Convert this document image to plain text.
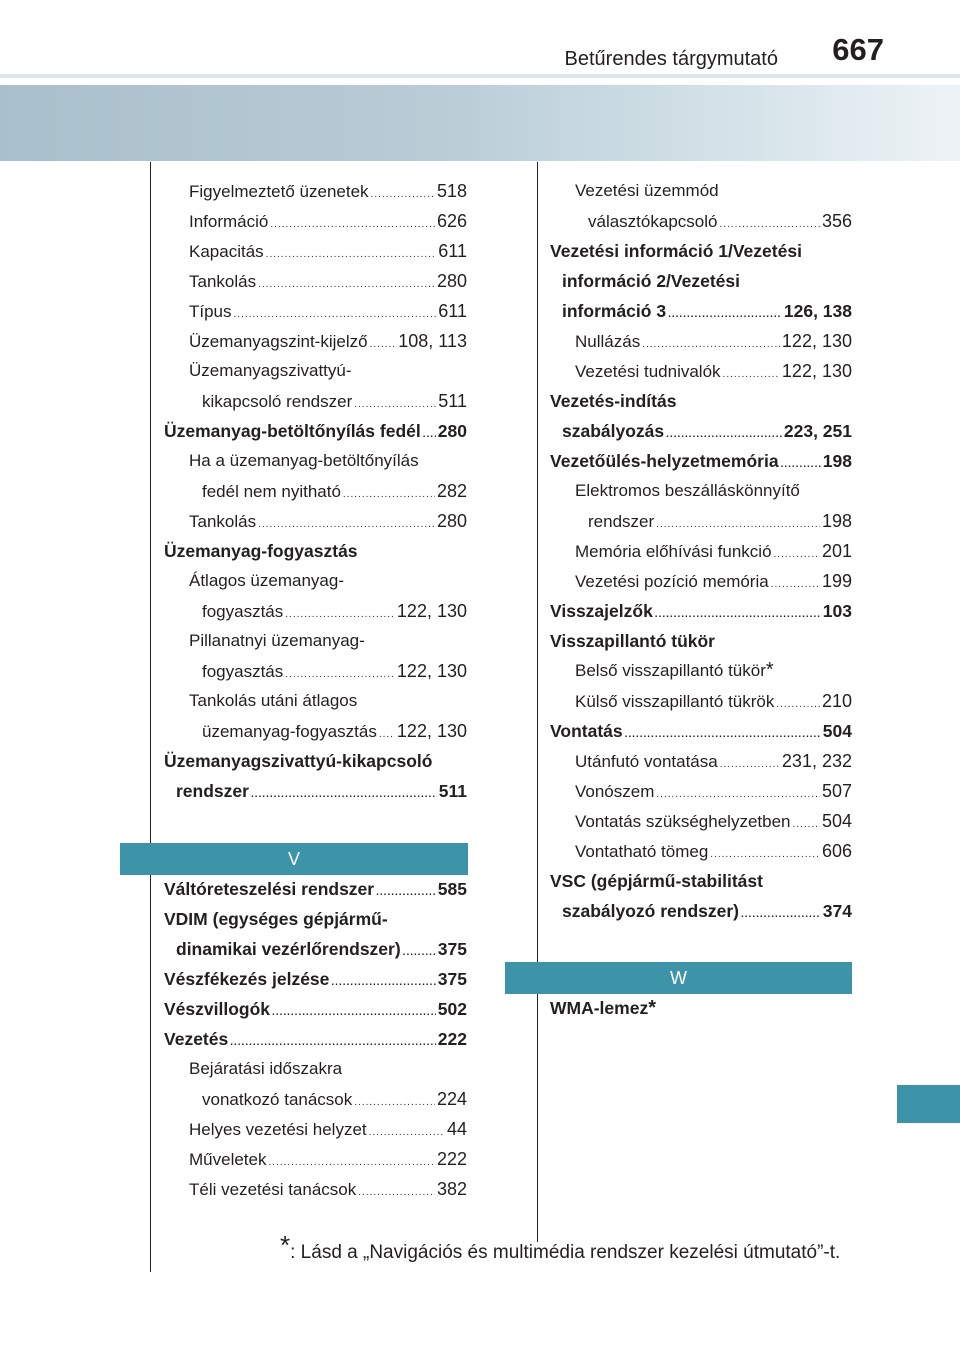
Betűrendes tárgymutató 667
Figyelmeztető üzenetek .....	518
Információ .....	626
Kapacitás .....	611
Tankolás .....	280
Típus .....	611
Üzemanyagszint-kijelző ..... 108, 113
Üzemanyagszivattyú-
kikapcsoló rendszer .....	511
Üzemanyag-betöltőnyílás fedél ..... 280
Ha a üzemanyag-betöltőnyílás
fedél nem nyitható .....	282
Tankolás .....	280
Üzemanyag-fogyasztás
Átlagos üzemanyag-
fogyasztás .....	122, 130
Pillanatnyi üzemanyag-
fogyasztás .....	122, 130
Tankolás utáni átlagos
üzemanyag-fogyasztás ..... 122, 130
Üzemanyagszivattyú-kikapcsoló
rendszer .....	511
V
Váltóreteszelési rendszer .....	585
VDIM (egységes gépjármű-
dinamikai vezérlőrendszer) ..... 375
Vészfékezés jelzése .....	375
Vészvillogók .....	502
Vezetés .....	222
Bejáratási időszakra
vonatkozó tanácsok .....	224
Helyes vezetési helyzet .....	44
Műveletek .....	222
Téli vezetési tanácsok .....	382
Vezetési üzemmód
választókapcsoló .....	356
Vezetési információ 1/Vezetési
információ 2/Vezetési
információ 3 .....	126, 138
Nullázás .....	122, 130
Vezetési tudnivalók .....	122, 130
Vezetés-indítás
szabályozás .....	223, 251
Vezetőülés-helyzetmemória .....	198
Elektromos beszálláskönnyítő
rendszer .....	198
Memória előhívási funkció .....	201
Vezetési pozíció memória .....	199
Visszajelzők .....	103
Visszapillantó tükör
Belső visszapillantó tükör *
Külső visszapillantó tükrök .....	210
Vontatás .....	504
Utánfutó vontatása .....	231, 232
Vonószem .....	507
Vontatás szükséghelyzetben ..... 504
Vontatható tömeg .....	606
VSC (gépjármű-stabilitást
szabályozó rendszer) .....	374
W
WMA-lemez *
*: Lásd a „Navigációs és multimédia rendszer kezelési útmutató”-t.
